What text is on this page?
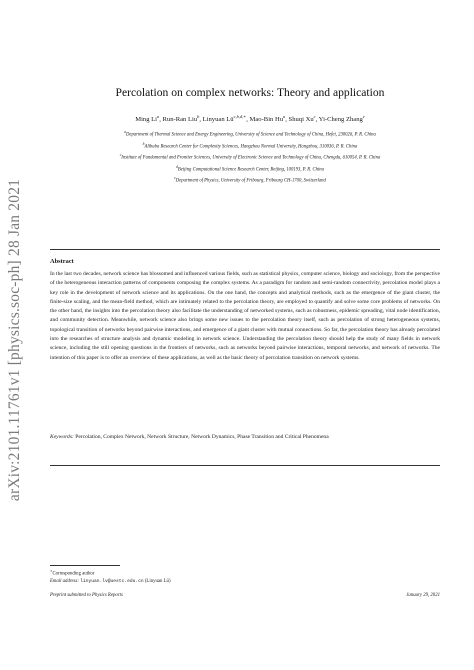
arXiv:2101.11761v1 [physics.soc-ph] 28 Jan 2021
Percolation on complex networks: Theory and application
Ming Li$^a$, Run-Ran Liu$^b$, Linyuan $Lü^{c,b,d,∗}$, Mao-Bin Hu$^a$, Shuqi Xu$^c$, Yi-Cheng Zhang$^e$
$^a$Department of Thermal Science and Energy Engineering, University of Science and Technology of China, Hefei, 230026, P. R. China
$^b$Alibaba Research Center for Complexity Sciences, Hangzhou Normal University, Hangzhou, 310036, P. R. China
$^c$Institute of Fundamental and Frontier Sciences, University of Electronic Science and Technology of China, Chengdu, 610054, P. R. China
$^d$Beijing Computational Science Research Center, Beijing, 100193, P. R. China
$^e$Department of Physics, University of Fribourg, Fribourg CH-1700, Switzerland
Abstract

In the last two decades, network science has blossomed and influenced various fields, such as statistical physics, computer science, biology and sociology, from the perspective of the heterogeneous interaction patterns of components composing the complex systems. As a paradigm for random and semi-random connectivity, percolation model plays a key role in the development of network science and its applications. On the one hand, the concepts and analytical methods, such as the emergence of the giant cluster, the finite-size scaling, and the mean-field method, which are intimately related to the percolation theory, are employed to quantify and solve some core problems of networks. On the other hand, the insights into the percolation theory also facilitate the understanding of networked systems, such as robustness, epidemic spreading, vital node identification, and community detection. Meanwhile, network science also brings some new issues to the percolation theory itself, such as percolation of strong heterogeneous systems, topological transition of networks beyond pairwise interactions, and emergence of a giant cluster with mutual connections. So far, the percolation theory has already percolated into the researches of structure analysis and dynamic modeling in network science. Understanding the percolation theory should help the study of many fields in network science, including the still opening questions in the frontiers of networks, such as networks beyond pairwise interactions, temporal networks, and network of networks. The intention of this paper is to offer an overview of these applications, as well as the basic theory of percolation transition on network systems.

Keywords: Percolation, Complex Network, Network Structure, Network Dynamics, Phase Transition and Critical Phenomena

∗Corresponding author
Email address: linyuan.lv@uestc.edu.cn (Linyuan Lü)
Preprint submitted to Physics Reports	January 29, 2021
